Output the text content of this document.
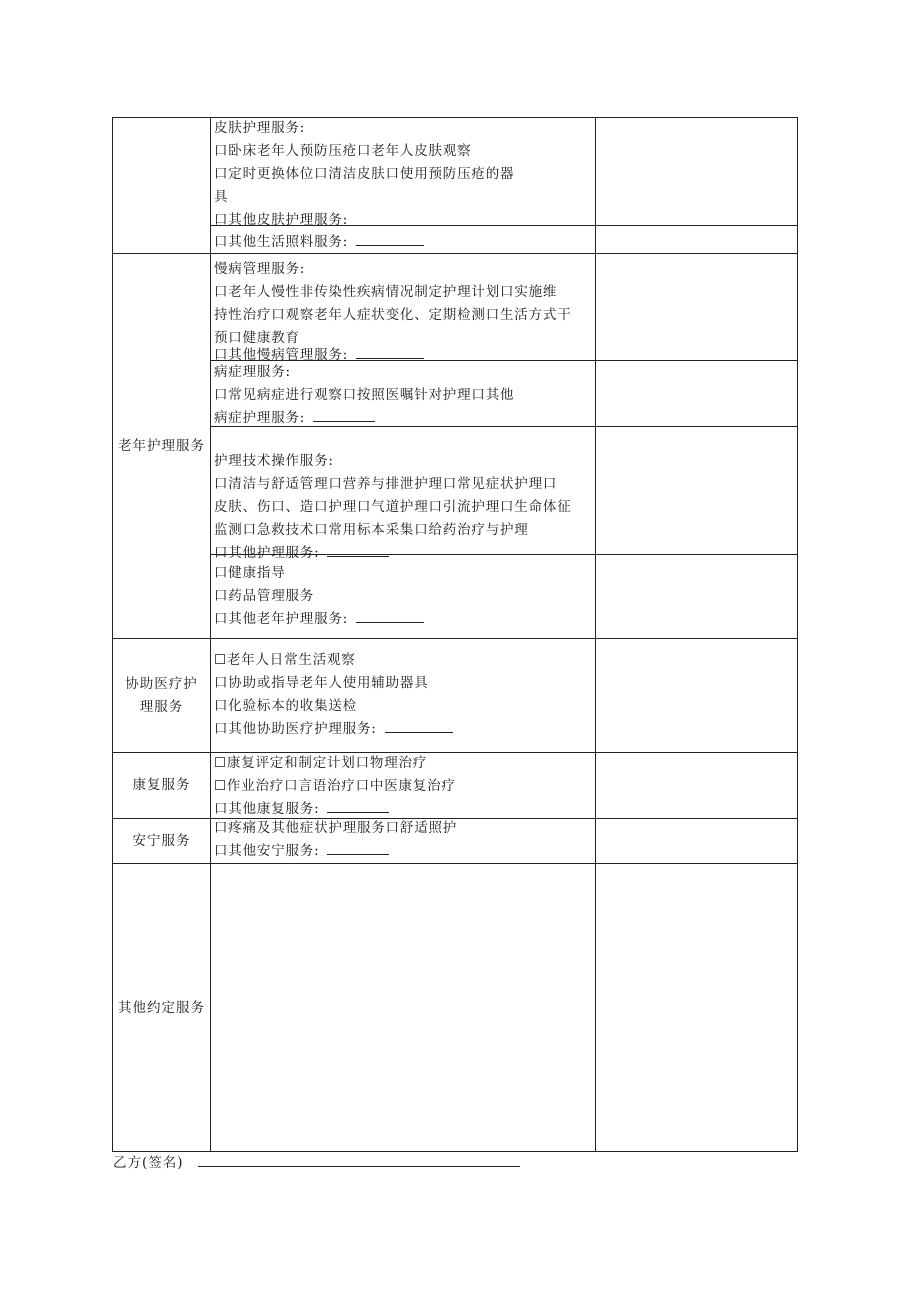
皮肤护理服务:
口卧床老年人预防压疮口老年人皮肤观察
口定时更换体位口清洁皮肤口使用预防压疮的器
具
口其他皮肤护理服务:
口其他生活照料服务:
老年护理服务
慢病管理服务:
口老年人慢性非传染性疾病情况制定护理计划口实施维
持性治疗口观察老年人症状变化、定期检测口生活方式干
预口健康教育
口其他慢病管理服务:
病症理服务:
口常见病症进行观察口按照医嘱针对护理口其他
病症护理服务:
护理技术操作服务:
口清洁与舒适管理口营养与排泄护理口常见症状护理口
皮肤、伤口、造口护理口气道护理口引流护理口生命体征
监测口急救技术口常用标本采集口给药治疗与护理
口其他护理服务:
口健康指导
口药品管理服务
口其他老年护理服务:
协助医疗护
理服务
☐老年人日常生活观察
口协助或指导老年人使用辅助器具
口化验标本的收集送检
口其他协助医疗护理服务:
康复服务
☐康复评定和制定计划口物理治疗
☐作业治疗口言语治疗口中医康复治疗
口其他康复服务:
安宁服务
口疼痛及其他症状护理服务口舒适照护
口其他安宁服务:
其他约定服务
乙方(签名)
